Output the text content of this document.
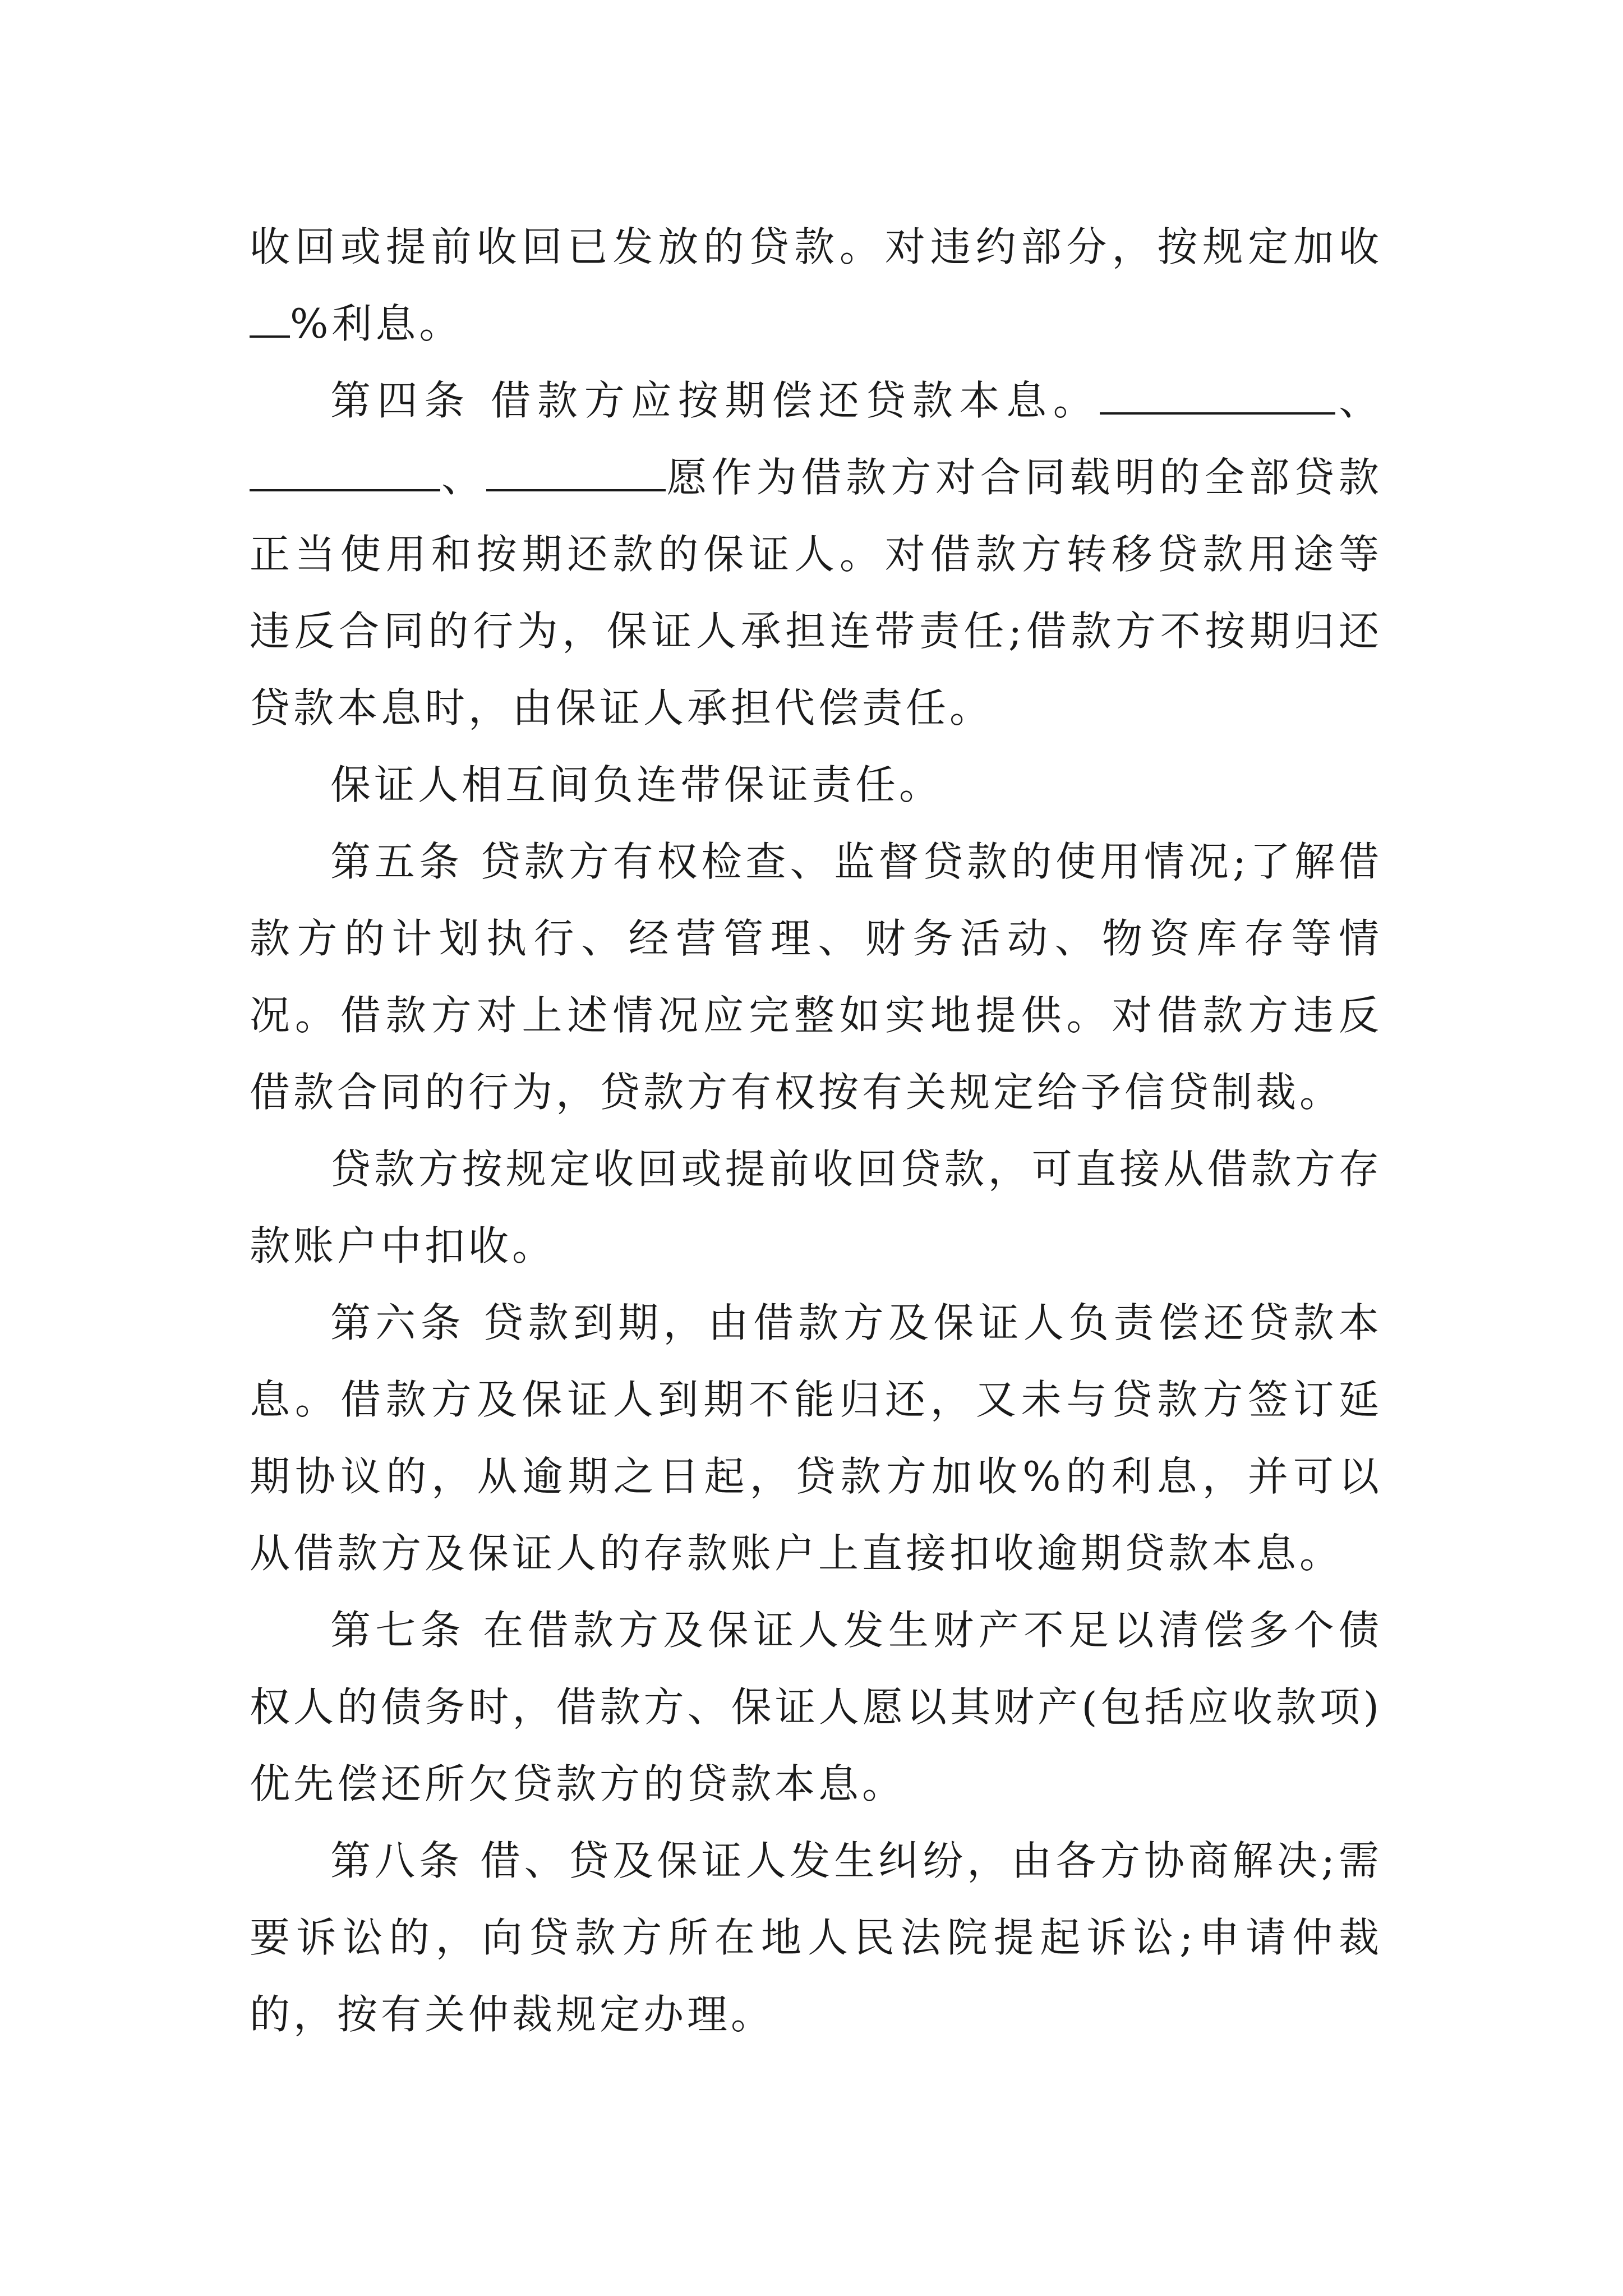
收回或提前收回已发放的贷款。对违约部分，按规定加收%利息。

第四条 借款方应按期偿还贷款本息。	、、	愿作为借款方对合同载明的全部贷款正当使用和按期还款的保证人。对借款方转移贷款用途等违反合同的行为，保证人承担连带责任;借款方不按期归还贷款本息时，由保证人承担代偿责任。

保证人相互间负连带保证责任。

第五条 贷款方有权检查、监督贷款的使用情况;了解借款方的计划执行、经营管理、财务活动、物资库存等情况。借款方对上述情况应完整如实地提供。对借款方违反借款合同的行为，贷款方有权按有关规定给予信贷制裁。

贷款方按规定收回或提前收回贷款，可直接从借款方存款账户中扣收。

第六条 贷款到期，由借款方及保证人负责偿还贷款本息。借款方及保证人到期不能归还，又未与贷款方签订延期协议的，从逾期之日起，贷款方加收%的利息，并可以从借款方及保证人的存款账户上直接扣收逾期贷款本息。

第七条 在借款方及保证人发生财产不足以清偿多个债权人的债务时，借款方、保证人愿以其财产(包括应收款项)优先偿还所欠贷款方的贷款本息。

第八条 借、贷及保证人发生纠纷，由各方协商解决;需要诉讼的，向贷款方所在地人民法院提起诉讼;申请仲裁的，按有关仲裁规定办理。
